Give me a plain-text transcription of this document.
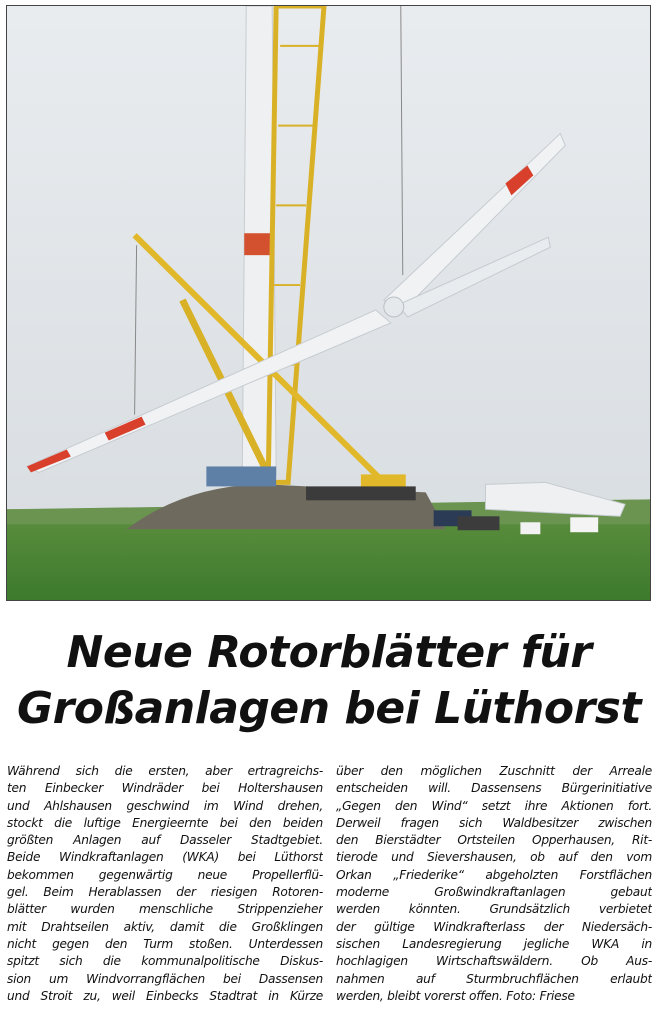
Neue Rotorblätter für
Großanlagen bei Lüthorst
Während sich die ersten, aber ertragreichs-
ten Einbecker Windräder bei Holtershausen
und Ahlshausen geschwind im Wind drehen,
stockt die luftige Energieernte bei den beiden
größten Anlagen auf Dasseler Stadtgebiet.
Beide Windkraftanlagen (WKA) bei Lüthorst
bekommen gegenwärtig neue Propellerflü-
gel. Beim Herablassen der riesigen Rotoren-
blätter wurden menschliche Strippenzieher
mit Drahtseilen aktiv, damit die Großklingen
nicht gegen den Turm stoßen. Unterdessen
spitzt sich die kommunalpolitische Diskus-
sion um Windvorrangflächen bei Dassensen
und Stroit zu, weil Einbecks Stadtrat in Kürze
über den möglichen Zuschnitt der Arreale
entscheiden will. Dassensens Bürgerinitiative
„Gegen den Wind“ setzt ihre Aktionen fort.
Derweil fragen sich Waldbesitzer zwischen
den Bierstädter Ortsteilen Opperhausen, Rit-
tierode und Sievershausen, ob auf den vom
Orkan „Friederike“ abgeholzten Forstflächen
moderne Großwindkraftanlagen gebaut
werden könnten. Grundsätzlich verbietet
der gültige Windkrafterlass der Niedersäch-
sischen Landesregierung jegliche WKA in
hochlagigen Wirtschaftswäldern. Ob Aus-
nahmen auf Sturmbruchflächen erlaubt
werden, bleibt vorerst offen. Foto: Friese
